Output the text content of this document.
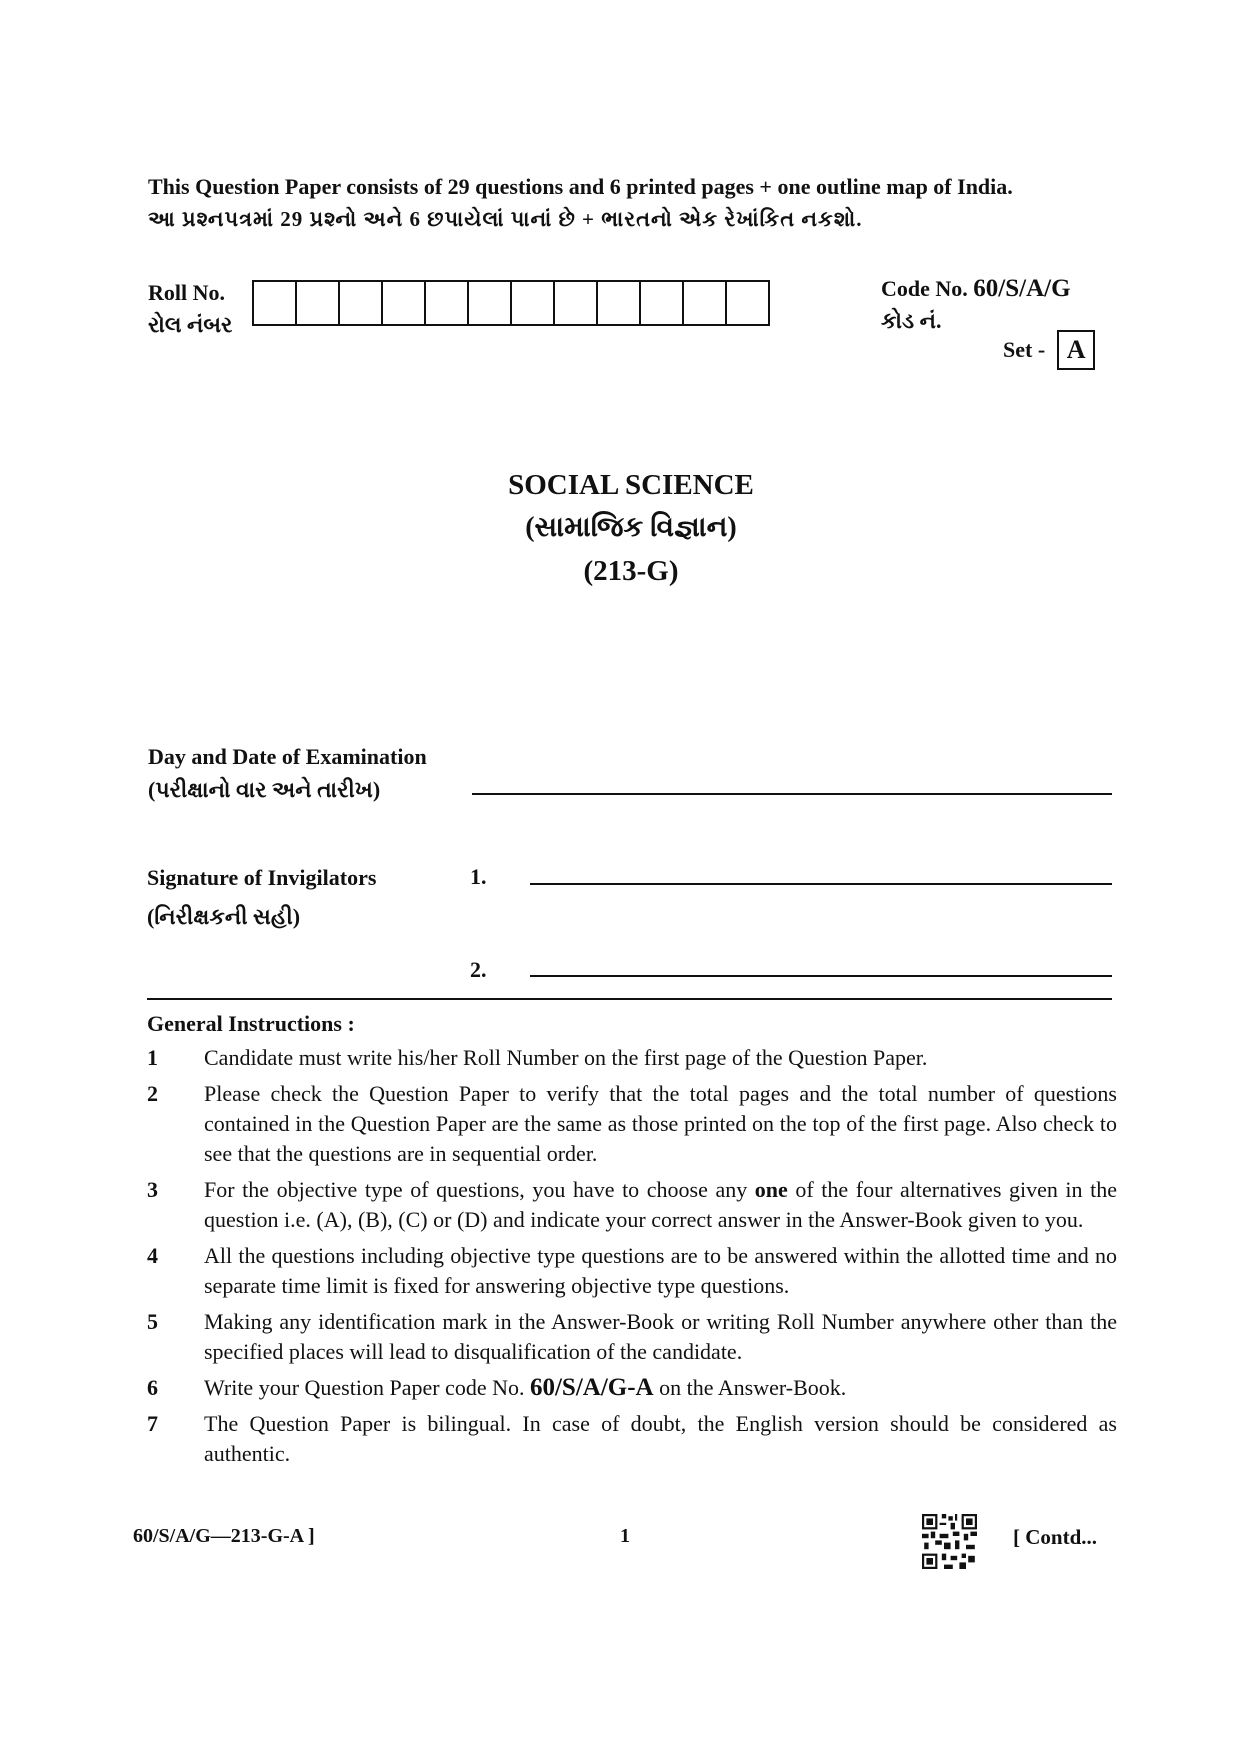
This Question Paper consists of 29 questions and 6 printed pages + one outline map of India.
આ પ્રશ્નપત્રમાં 29 પ્રશ્નો અને 6 છપાયેલાં પાનાં છે + ભારતનો એક રેખાંકિત નકશો.
Roll No.
રોલ નંબર
Code No. 60/S/A/G
કોડ નં.
Set - A
SOCIAL SCIENCE
(સામાજિક વિજ્ઞાન)
(213-G)
Day and Date of Examination
(પરીક્ષાનો વાર અને તારીખ)
Signature of Invigilators
(નિરીક્ષકની સહી)
1.
2.
General Instructions :
1	Candidate must write his/her Roll Number on the first page of the Question Paper.
2	Please check the Question Paper to verify that the total pages and the total number of questions contained in the Question Paper are the same as those printed on the top of the first page. Also check to see that the questions are in sequential order.
3	For the objective type of questions, you have to choose any one of the four alternatives given in the question i.e. (A), (B), (C) or (D) and indicate your correct answer in the Answer-Book given to you.
4	All the questions including objective type questions are to be answered within the allotted time and no separate time limit is fixed for answering objective type questions.
5	Making any identification mark in the Answer-Book or writing Roll Number anywhere other than the specified places will lead to disqualification of the candidate.
6	Write your Question Paper code No. 60/S/A/G-A on the Answer-Book.
7	The Question Paper is bilingual. In case of doubt, the English version should be considered as authentic.
60/S/A/G—213-G-A ]	1	[ Contd...
